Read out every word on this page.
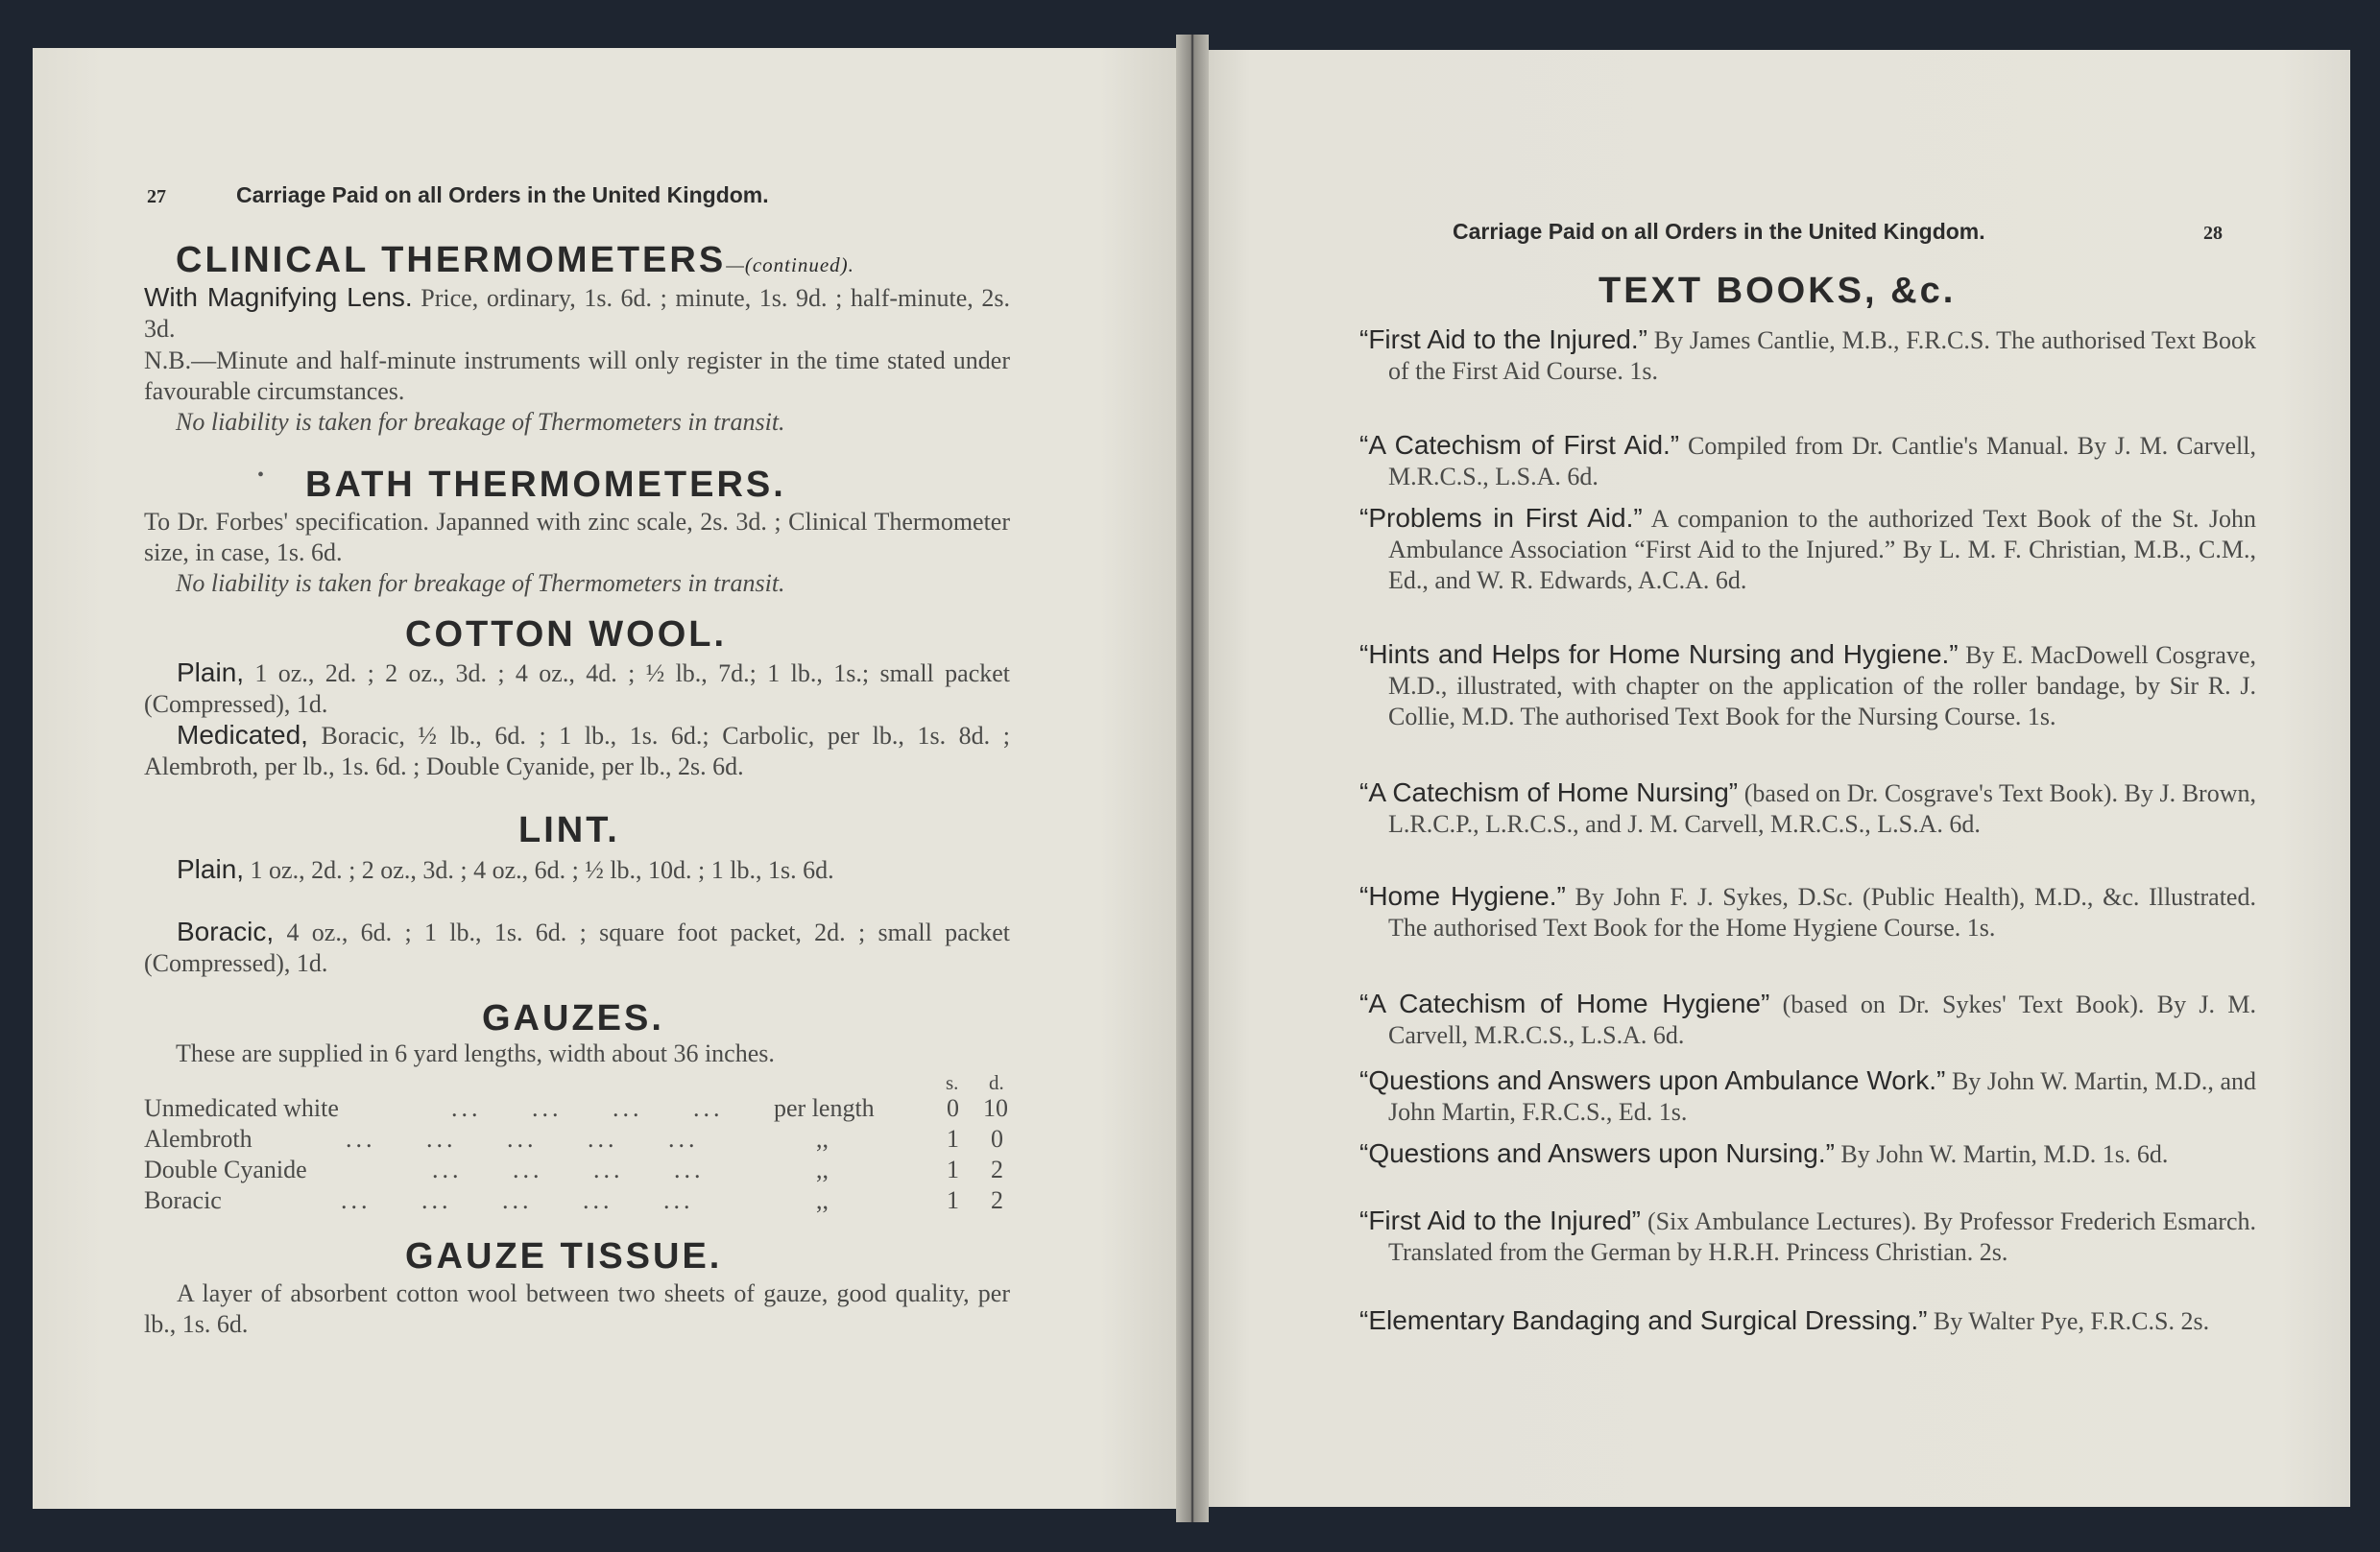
27	Carriage Paid on all Orders in the United Kingdom.
CLINICAL THERMOMETERS—(continued).
With Magnifying Lens. Price, ordinary, 1s. 6d. ; minute, 1s. 9d. ; half-minute, 2s. 3d.
N.B.—Minute and half-minute instruments will only register in the time stated under favourable circumstances.
No liability is taken for breakage of Thermometers in transit.
• BATH THERMOMETERS.
To Dr. Forbes' specification. Japanned with zinc scale, 2s. 3d. ; Clinical Thermometer size, in case, 1s. 6d.
No liability is taken for breakage of Thermometers in transit.
COTTON WOOL.
Plain, 1 oz., 2d. ; 2 oz., 3d. ; 4 oz., 4d. ; ½ lb., 7d.; 1 lb., 1s.; small packet (Compressed), 1d.
Medicated, Boracic, ½ lb., 6d. ; 1 lb., 1s. 6d.; Carbolic, per lb., 1s. 8d. ; Alembroth, per lb., 1s. 6d. ; Double Cyanide, per lb., 2s. 6d.
LINT.
Plain, 1 oz., 2d. ; 2 oz., 3d. ; 4 oz., 6d. ; ½ lb., 10d. ; 1 lb., 1s. 6d.
Boracic, 4 oz., 6d. ; 1 lb., 1s. 6d. ; square foot packet, 2d. ; small packet (Compressed), 1d.
GAUZES.
These are supplied in 6 yard lengths, width about 36 inches.
s. d.
Unmedicated white	...     ...     ...     ... per length	0 10
Alembroth	...     ...     ...     ...     ...	,,	1 0
Double Cyanide	...     ...     ...     ...	,,	1 2
Boracic	...     ...     ...     ...     ...	,,	1 2
GAUZE TISSUE.
A layer of absorbent cotton wool between two sheets of gauze, good quality, per lb., 1s. 6d.
Carriage Paid on all Orders in the United Kingdom.	28
TEXT BOOKS, &c.
“First Aid to the Injured.” By James Cantlie, M.B., F.R.C.S. The authorised Text Book of the First Aid Course. 1s.
“A Catechism of First Aid.” Compiled from Dr. Cantlie's Manual. By J. M. Carvell, M.R.C.S., L.S.A. 6d.
“Problems in First Aid.” A companion to the authorized Text Book of the St. John Ambulance Association “First Aid to the Injured.” By L. M. F. Christian, M.B., C.M., Ed., and W. R. Edwards, A.C.A. 6d.
“Hints and Helps for Home Nursing and Hygiene.” By E. MacDowell Cosgrave, M.D., illustrated, with chapter on the application of the roller bandage, by Sir R. J. Collie, M.D. The authorised Text Book for the Nursing Course. 1s.
“A Catechism of Home Nursing” (based on Dr. Cosgrave's Text Book). By J. Brown, L.R.C.P., L.R.C.S., and J. M. Carvell, M.R.C.S., L.S.A. 6d.
“Home Hygiene.” By John F. J. Sykes, D.Sc. (Public Health), M.D., &c. Illustrated. The authorised Text Book for the Home Hygiene Course. 1s.
“A Catechism of Home Hygiene” (based on Dr. Sykes' Text Book). By J. M. Carvell, M.R.C.S., L.S.A. 6d.
“Questions and Answers upon Ambulance Work.” By John W. Martin, M.D., and John Martin, F.R.C.S., Ed. 1s.
“Questions and Answers upon Nursing.” By John W. Martin, M.D. 1s. 6d.
“First Aid to the Injured” (Six Ambulance Lectures). By Professor Frederich Esmarch. Translated from the German by H.R.H. Princess Christian. 2s.
“Elementary Bandaging and Surgical Dressing.” By Walter Pye, F.R.C.S. 2s.
